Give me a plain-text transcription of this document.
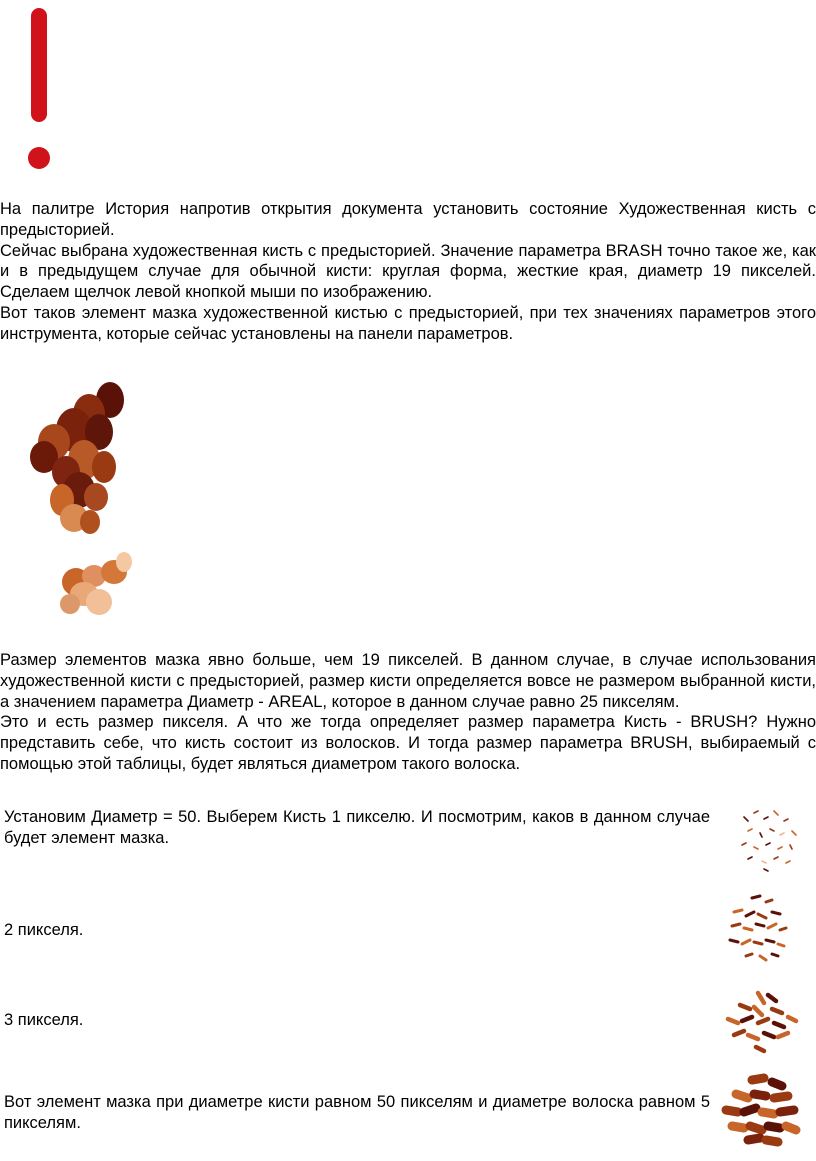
На палитре История напротив открытия документа установить состояние Художественная кисть с предысторией.

Сейчас выбрана художественная кисть с предысторией. Значение параметра BRASH точно такое же, как и в предыдущем случае для обычной кисти: круглая форма, жесткие края, диаметр 19 пикселей. Сделаем щелчок левой кнопкой мыши по изображению.

Вот таков элемент мазка художественной кистью с предысторией, при тех значениях параметров этого инструмента, которые сейчас установлены на панели параметров.

Размер элементов мазка явно больше, чем 19 пикселей. В данном случае, в случае использования художественной кисти с предысторией, размер кисти определяется вовсе не размером выбранной кисти, а значением параметра Диаметр - AREAL, которое в данном случае равно 25 пикселям.

Это и есть размер пикселя. А что же тогда определяет размер параметра Кисть - BRUSH? Нужно представить себе, что кисть состоит из волосков. И тогда размер параметра BRUSH, выбираемый с помощью этой таблицы, будет являться диаметром такого волоска.

Установим Диаметр = 50. Выберем Кисть 1 пикселю. И посмотрим, каков в данном случае будет элемент мазка.

2 пикселя.

3 пикселя.

Вот элемент мазка при диаметре кисти равном 50 пикселям и диаметре волоска равном 5 пикселям.
